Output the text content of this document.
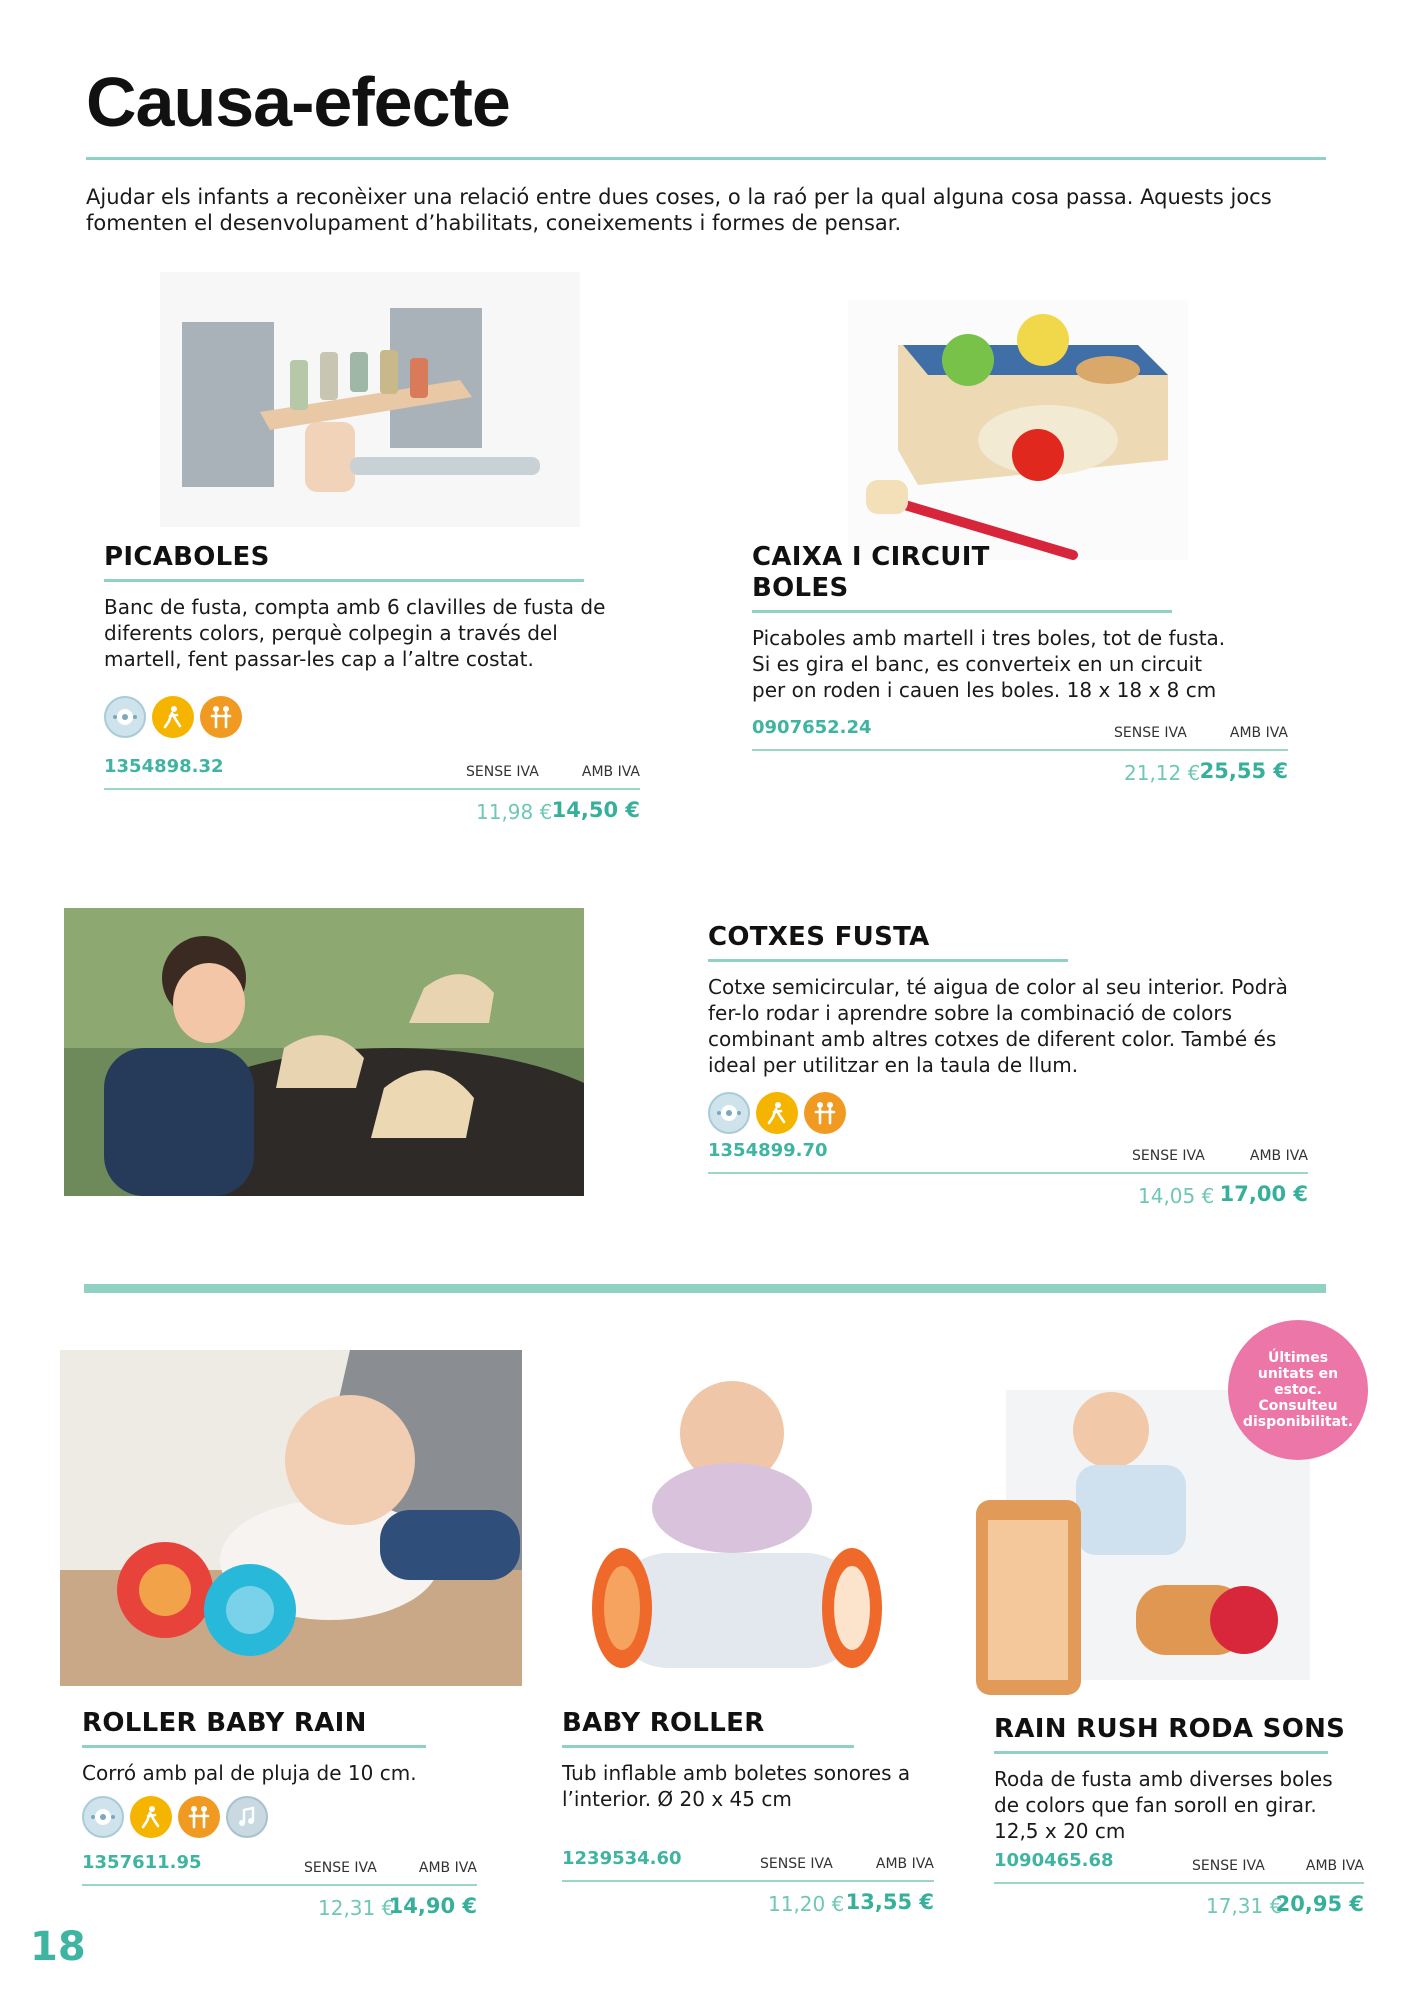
Causa-efecte

Ajudar els infants a reconèixer una relació entre dues coses, o la raó per la qual alguna cosa passa. Aquests jocs fomenten el desenvolupament d’habilitats, coneixements i formes de pensar.

PICABOLES
Banc de fusta, compta amb 6 clavilles de fusta de diferents colors, perquè colpegin a través del martell, fent passar-les cap a l’altre costat.
1354898.32	SENSE IVA	AMB IVA
11,98 € 14,50 €
CAIXA I CIRCUIT BOLES
Picaboles amb martell i tres boles, tot de fusta. Si es gira el banc, es converteix en un circuit per on roden i cauen les boles. 18 x 18 x 8 cm
0907652.24	SENSE IVA	AMB IVA
21,12 € 25,55 €
COTXES FUSTA
Cotxe semicircular, té aigua de color al seu interior. Podrà fer-lo rodar i aprendre sobre la combinació de colors combinant amb altres cotxes de diferent color. També és ideal per utilitzar en la taula de llum.
1354899.70	SENSE IVA	AMB IVA
14,05 € 17,00 €
Últimes unitats en estoc. Consulteu disponibilitat.
ROLLER BABY RAIN
Corró amb pal de pluja de 10 cm.
1357611.95	SENSE IVA	AMB IVA
12,31 €
14,90 €
BABY ROLLER
Tub inflable amb boletes sonores a l’interior. Ø 20 x 45 cm
1239534.60	SENSE IVA	AMB IVA
11,20 € 13,55 €
RAIN RUSH RODA SONS
Roda de fusta amb diverses boles de colors que fan soroll en girar. 12,5 x 20 cm
1090465.68	SENSE IVA	AMB IVA
17,31 €
20,95 €
18
